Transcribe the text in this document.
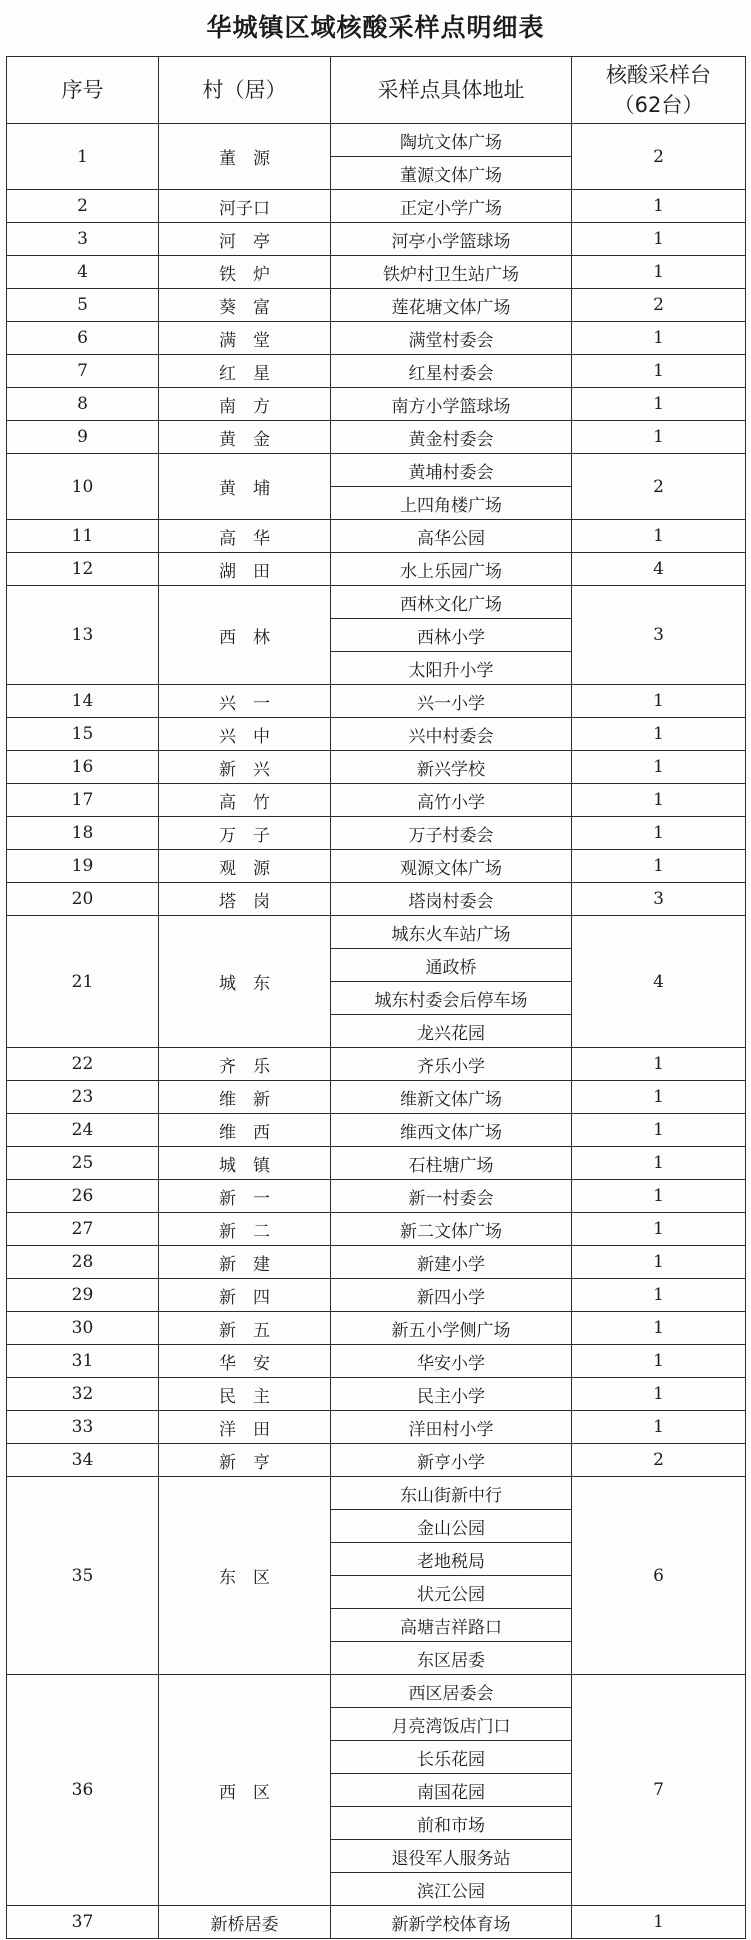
华城镇区域核酸采样点明细表
序号	村（居）	采样点具体地址	核酸采样台
（62台）
1	董　源	陶坑文体广场	2
		董源文体广场	
2	河子口	正定小学广场	1
3	河　亭	河亭小学篮球场	1
4	铁　炉	铁炉村卫生站广场	1
5	葵　富	莲花塘文体广场	2
6	满　堂	满堂村委会	1
7	红　星	红星村委会	1
8	南　方	南方小学篮球场	1
9	黄　金	黄金村委会	1
10	黄　埔	黄埔村委会	2
		上四角楼广场	
11	高　华	高华公园	1
12	湖　田	水上乐园广场	4
13	西　林	西林文化广场	3
		西林小学	
		太阳升小学	
14	兴　一	兴一小学	1
15	兴　中	兴中村委会	1
16	新　兴	新兴学校	1
17	高　竹	高竹小学	1
18	万　子	万子村委会	1
19	观　源	观源文体广场	1
20	塔　岗	塔岗村委会	3
21	城　东	城东火车站广场	4
		通政桥	
		城东村委会后停车场	
		龙兴花园	
22	齐　乐	齐乐小学	1
23	维　新	维新文体广场	1
24	维　西	维西文体广场	1
25	城　镇	石柱塘广场	1
26	新　一	新一村委会	1
27	新　二	新二文体广场	1
28	新　建	新建小学	1
29	新　四	新四小学	1
30	新　五	新五小学侧广场	1
31	华　安	华安小学	1
32	民　主	民主小学	1
33	洋　田	洋田村小学	1
34	新　亨	新亨小学	2
35	东　区	东山街新中行	6
		金山公园	
		老地税局	
		状元公园	
		高塘吉祥路口	
		东区居委	
36	西　区	西区居委会	7
		月亮湾饭店门口	
		长乐花园	
		南国花园	
		前和市场	
		退役军人服务站	
		滨江公园	
37	新桥居委	新新学校体育场	1
